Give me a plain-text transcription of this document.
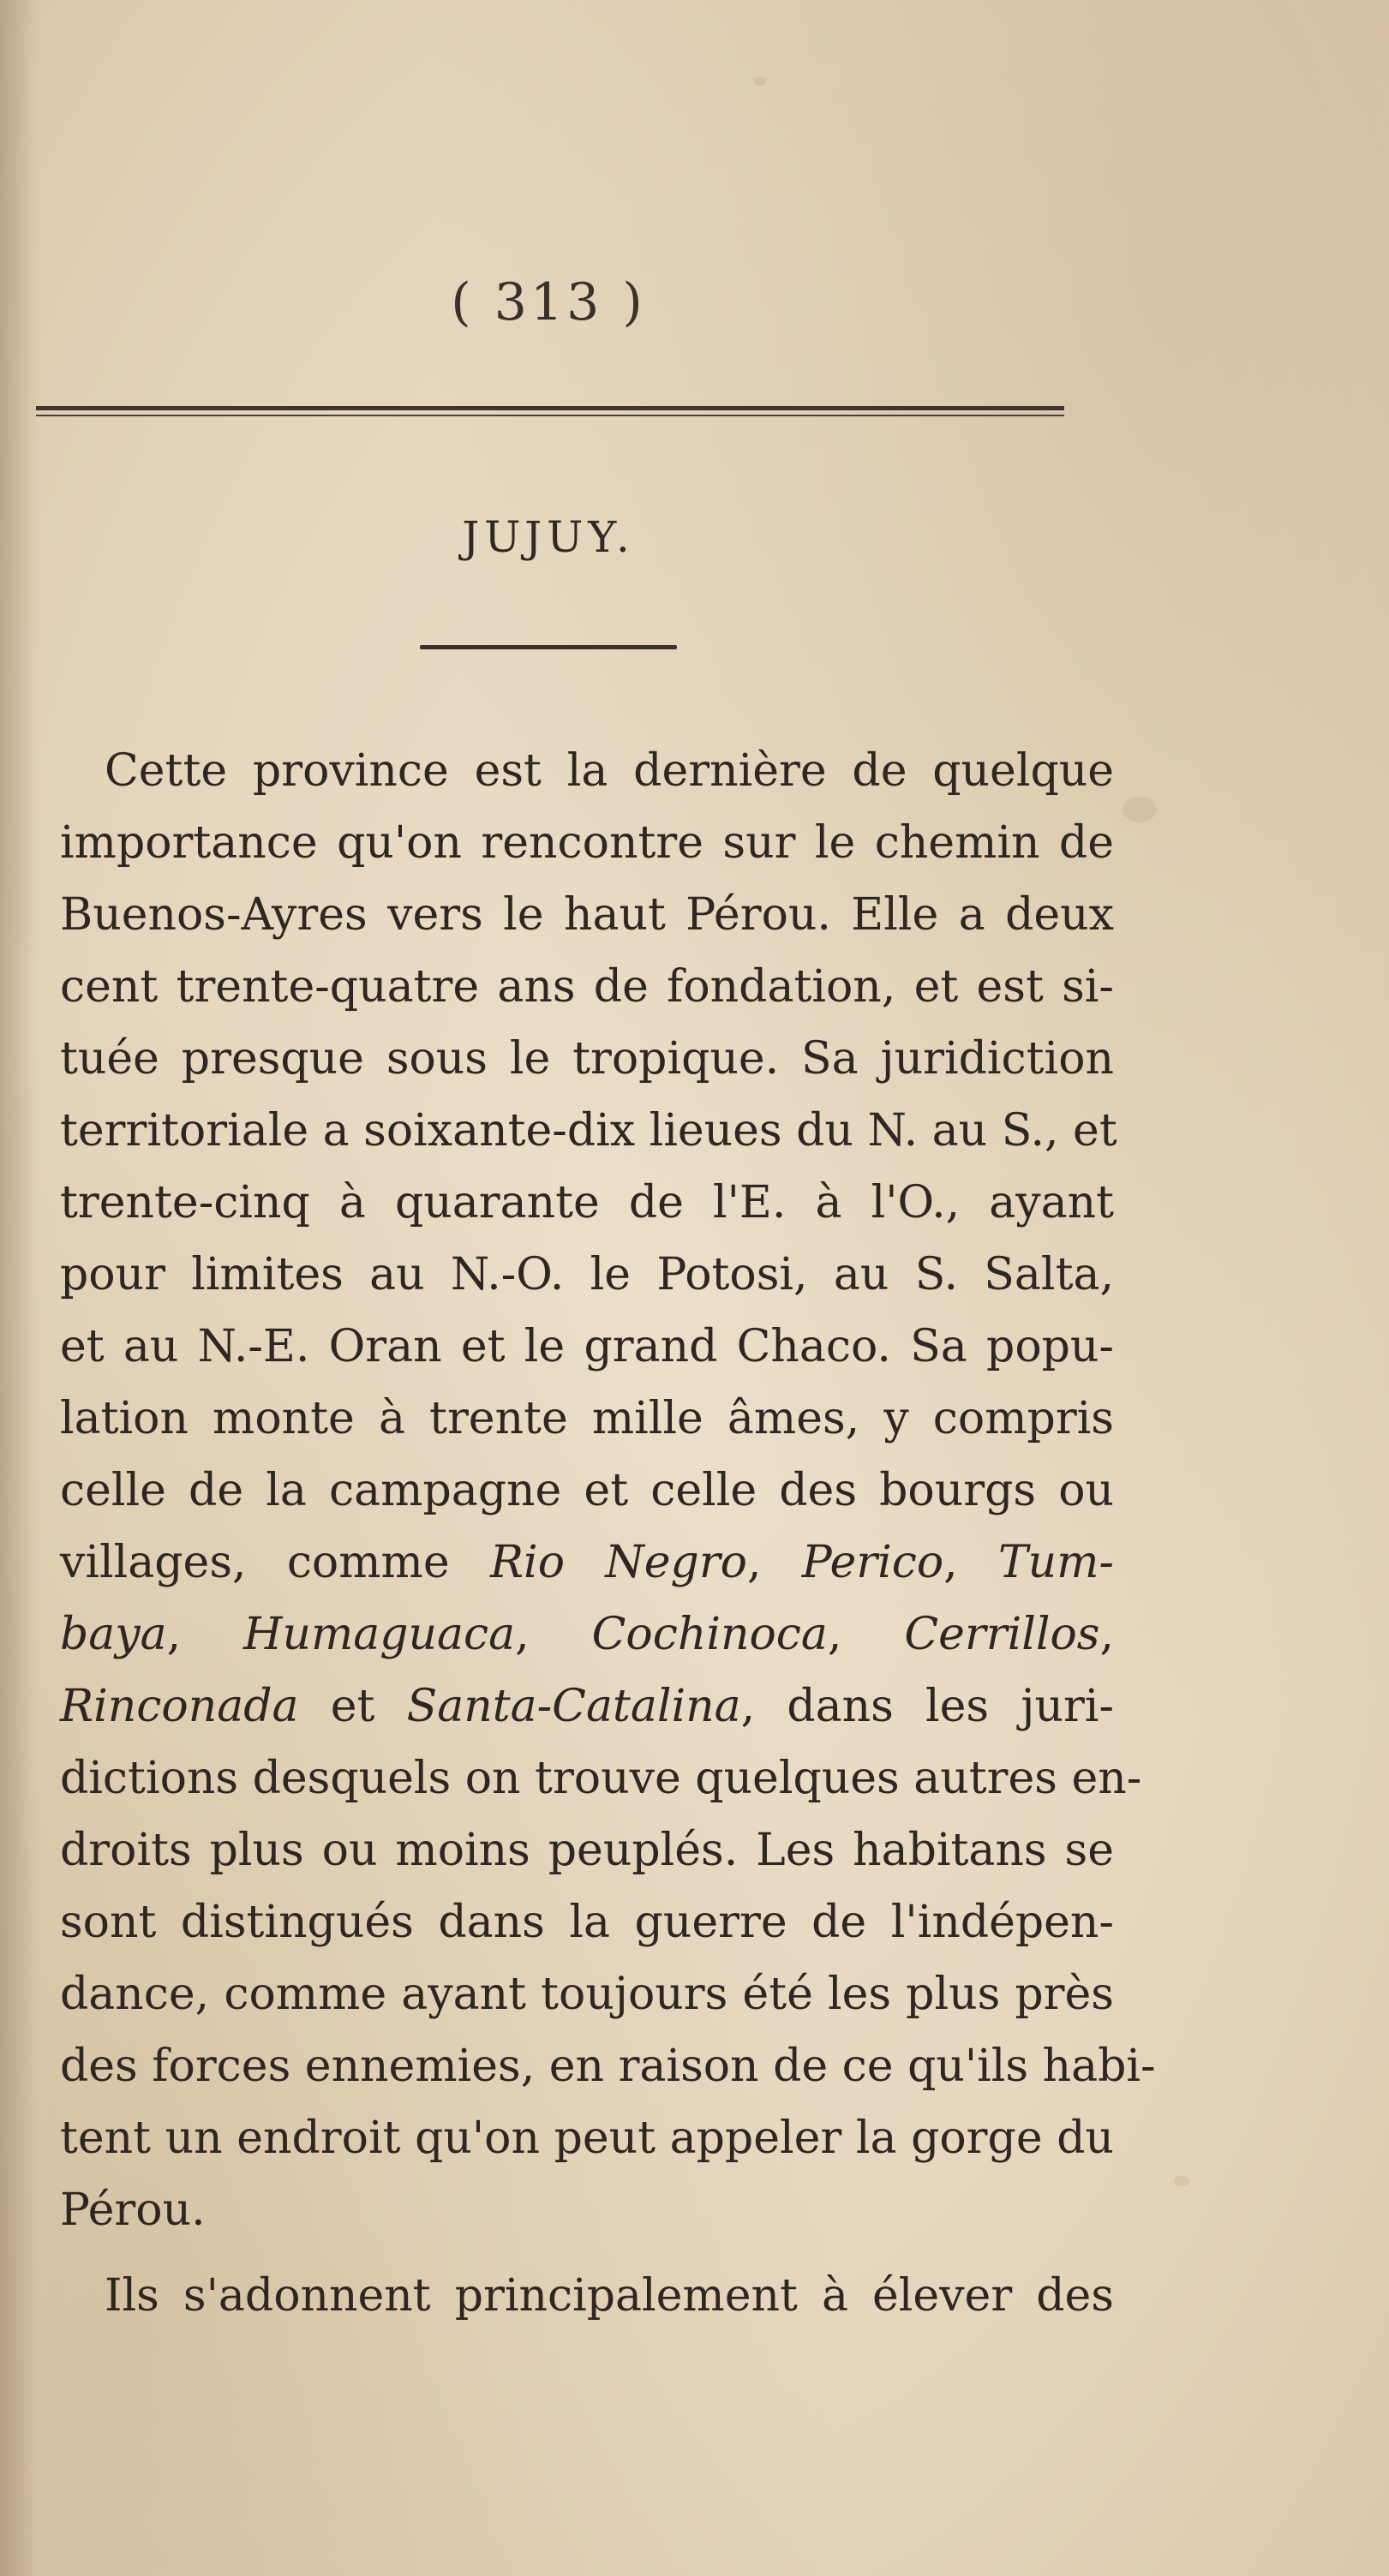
( 313 )
JUJUY.
Cette province est la dernière de quelque
importance qu'on rencontre sur le chemin de
Buenos-Ayres vers le haut Pérou. Elle a deux
cent trente-quatre ans de fondation, et est si-
tuée presque sous le tropique. Sa juridiction
territoriale a soixante-dix lieues du N. au S., et
trente-cinq à quarante de l'E. à l'O., ayant
pour limites au N.-O. le Potosi, au S. Salta,
et au N.-E. Oran et le grand Chaco. Sa popu-
lation monte à trente mille âmes, y compris
celle de la campagne et celle des bourgs ou
villages, comme Rio Negro, Perico, Tum-
baya, Humaguaca, Cochinoca, Cerrillos,
Rinconada et Santa-Catalina, dans les juri-
dictions desquels on trouve quelques autres en-
droits plus ou moins peuplés. Les habitans se
sont distingués dans la guerre de l'indépen-
dance, comme ayant toujours été les plus près
des forces ennemies, en raison de ce qu'ils habi-
tent un endroit qu'on peut appeler la gorge du
Pérou.
Ils s'adonnent principalement à élever des
